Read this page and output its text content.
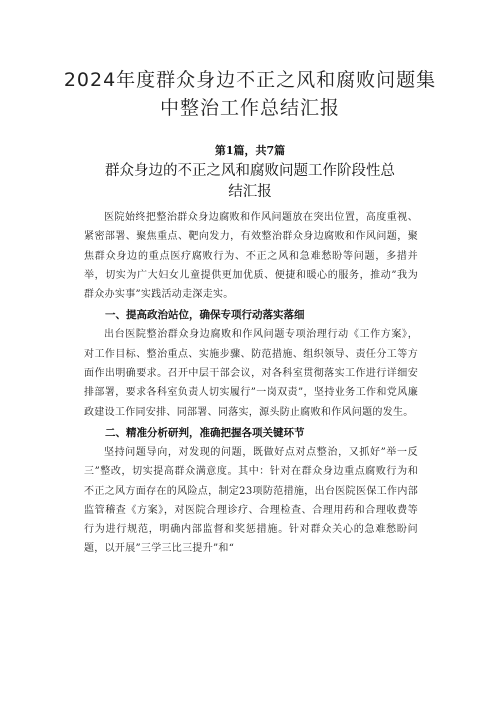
2024年度群众身边不正之风和腐败问题集中整治工作总结汇报
第1篇，共7篇
群众身边的不正之风和腐败问题工作阶段性总结汇报

医院始终把整治群众身边腐败和作风问题放在突出位置，高度重视、紧密部署、聚焦重点、靶向发力，有效整治群众身边腐败和作风问题，聚焦群众身边的重点医疗腐败行为、不正之风和急难愁盼等问题，多措并举，切实为广大妇女儿童提供更加优质、便捷和暖心的服务，推动”我为群众办实事”实践活动走深走实。

一、提高政治站位，确保专项行动落实落细

出台医院整治群众身边腐败和作风问题专项治理行动《工作方案》，对工作目标、整治重点、实施步骤、防范措施、组织领导、责任分工等方面作出明确要求。召开中层干部会议，对各科室贯彻落实工作进行详细安排部署，要求各科室负责人切实履行”一岗双责”，坚持业务工作和党风廉政建设工作同安排、同部署、同落实，源头防止腐败和作风问题的发生。

二、精准分析研判，准确把握各项关键环节

坚持问题导向，对发现的问题，既做好点对点整治，又抓好”举一反三”整改，切实提高群众满意度。其中：针对在群众身边重点腐败行为和不正之风方面存在的风险点，制定23项防范措施，出台医院医保工作内部监管稽查《方案》，对医院合理诊疗、合理检查、合理用药和合理收费等行为进行规范，明确内部监督和奖惩措施。针对群众关心的急难愁盼问题，以开展”三学三比三提升”和“
